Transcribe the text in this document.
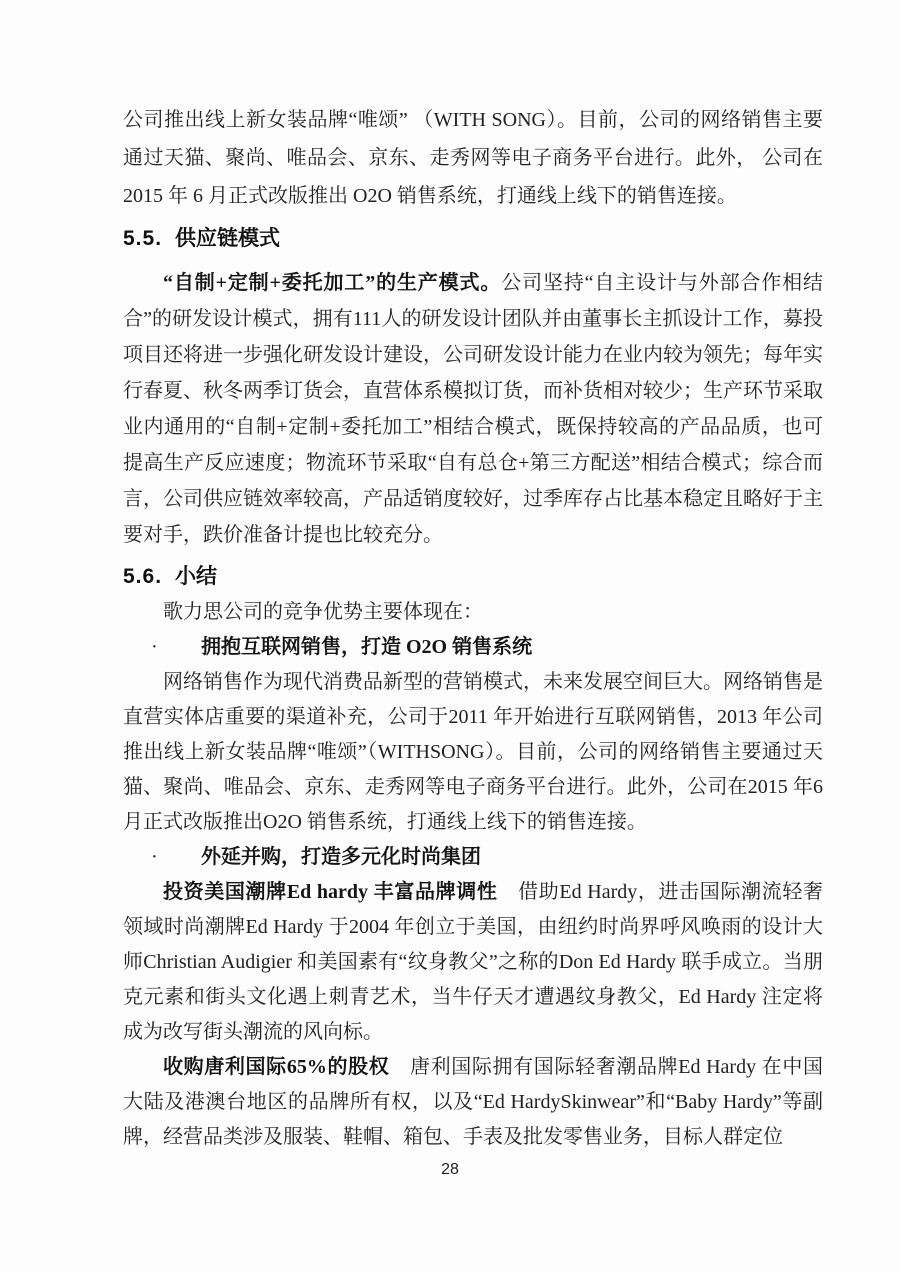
公司推出线上新女装品牌“唯颂” （WITH SONG）。目前，公司的网络销售主要通过天猫、聚尚、唯品会、京东、走秀网等电子商务平台进行。此外， 公司在 2015 年 6 月正式改版推出 O2O 销售系统，打通线上线下的销售连接。

5.5. 供应链模式

“自制+定制+委托加工”的生产模式。公司坚持“自主设计与外部合作相结合”的研发设计模式，拥有111人的研发设计团队并由董事长主抓设计工作，募投项目还将进一步强化研发设计建设，公司研发设计能力在业内较为领先；每年实行春夏、秋冬两季订货会，直营体系模拟订货，而补货相对较少；生产环节采取业内通用的“自制+定制+委托加工”相结合模式，既保持较高的产品品质，也可提高生产反应速度；物流环节采取“自有总仓+第三方配送”相结合模式；综合而言，公司供应链效率较高，产品适销度较好，过季库存占比基本稳定且略好于主要对手，跌价准备计提也比较充分。

5.6. 小结

歌力思公司的竞争优势主要体现在：

· 拥抱互联网销售，打造 O2O 销售系统

网络销售作为现代消费品新型的营销模式，未来发展空间巨大。网络销售是直营实体店重要的渠道补充，公司于2011 年开始进行互联网销售，2013 年公司推出线上新女装品牌“唯颂”（WITHSONG）。目前，公司的网络销售主要通过天猫、聚尚、唯品会、京东、走秀网等电子商务平台进行。此外，公司在2015 年6 月正式改版推出O2O 销售系统，打通线上线下的销售连接。

· 外延并购，打造多元化时尚集团

投资美国潮牌Ed hardy 丰富品牌调性　借助Ed Hardy，进击国际潮流轻奢领域时尚潮牌Ed Hardy 于2004 年创立于美国，由纽约时尚界呼风唤雨的设计大师Christian Audigier 和美国素有“纹身教父”之称的Don Ed Hardy 联手成立。当朋克元素和街头文化遇上刺青艺术，当牛仔天才遭遇纹身教父，Ed Hardy 注定将成为改写街头潮流的风向标。

收购唐利国际65%的股权　唐利国际拥有国际轻奢潮品牌Ed Hardy 在中国大陆及港澳台地区的品牌所有权，以及“Ed HardySkinwear”和“Baby Hardy”等副牌，经营品类涉及服装、鞋帽、箱包、手表及批发零售业务，目标人群定位

28
